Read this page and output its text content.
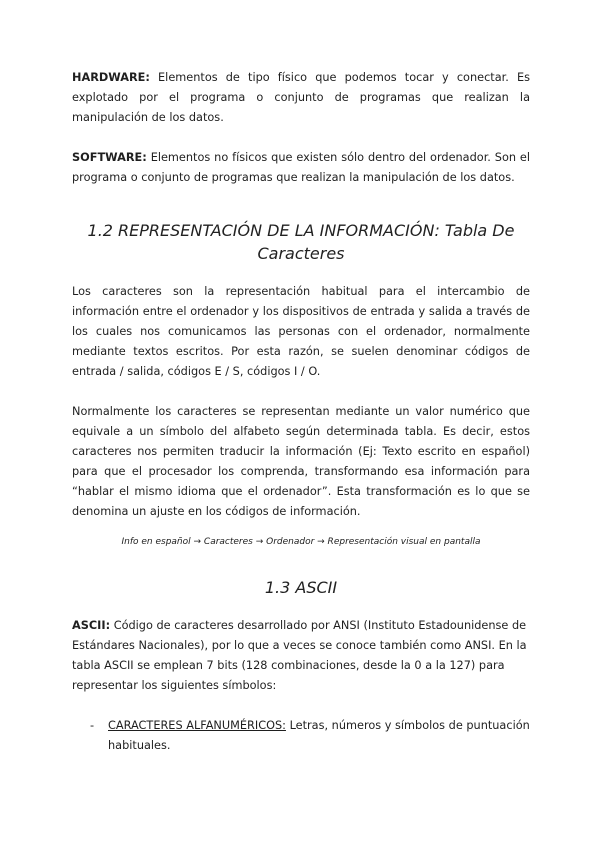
HARDWARE: Elementos de tipo físico que podemos tocar y conectar. Es explotado por el programa o conjunto de programas que realizan la manipulación de los datos.

SOFTWARE: Elementos no físicos que existen sólo dentro del ordenador. Son el programa o conjunto de programas que realizan la manipulación de los datos.

1.2 REPRESENTACIÓN DE LA INFORMACIÓN: Tabla De

Caracteres

Los caracteres son la representación habitual para el intercambio de información entre el ordenador y los dispositivos de entrada y salida a través de los cuales nos comunicamos las personas con el ordenador, normalmente mediante textos escritos. Por esta razón, se suelen denominar códigos de entrada / salida, códigos E / S, códigos I / O.

Normalmente los caracteres se representan mediante un valor numérico que equivale a un símbolo del alfabeto según determinada tabla. Es decir, estos caracteres nos permiten traducir la información (Ej: Texto escrito en español) para que el procesador los comprenda, transformando esa información para “hablar el mismo idioma que el ordenador”. Esta transformación es lo que se denomina un ajuste en los códigos de información.

Info en español → Caracteres → Ordenador → Representación visual en pantalla

1.3 ASCII

ASCII: Código de caracteres desarrollado por ANSI (Instituto Estadounidense de Estándares Nacionales), por lo que a veces se conoce también como ANSI. En la tabla ASCII se emplean 7 bits (128 combinaciones, desde la 0 a la 127) para representar los siguientes símbolos:

- CARACTERES ALFANUMÉRICOS: Letras, números y símbolos de puntuación habituales.
